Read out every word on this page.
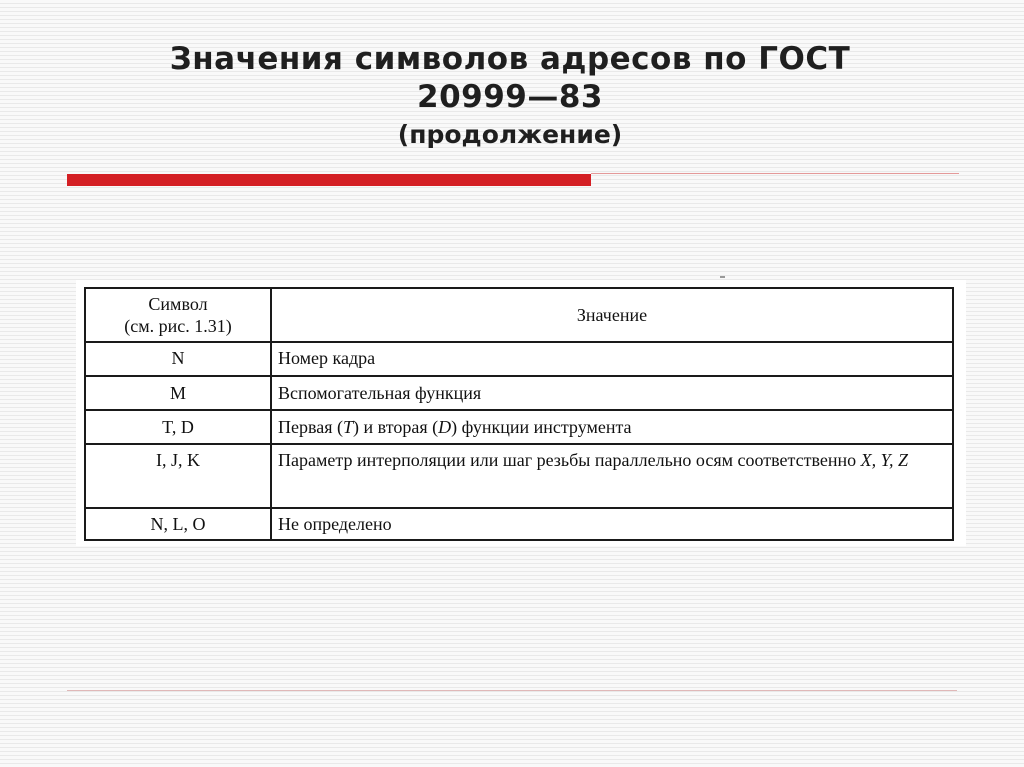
Значения символов адресов по ГОСТ
20999—83
(продолжение)
Символ
(см. рис. 1.31)	Значение
N	Номер кадра
M	Вспомогательная функция
T, D	Первая (T) и вторая (D) функции инструмента
I, J, K	Параметр интерполяции или шаг резьбы параллельно осям соответственно X, Y, Z
N, L, O	Не определено
